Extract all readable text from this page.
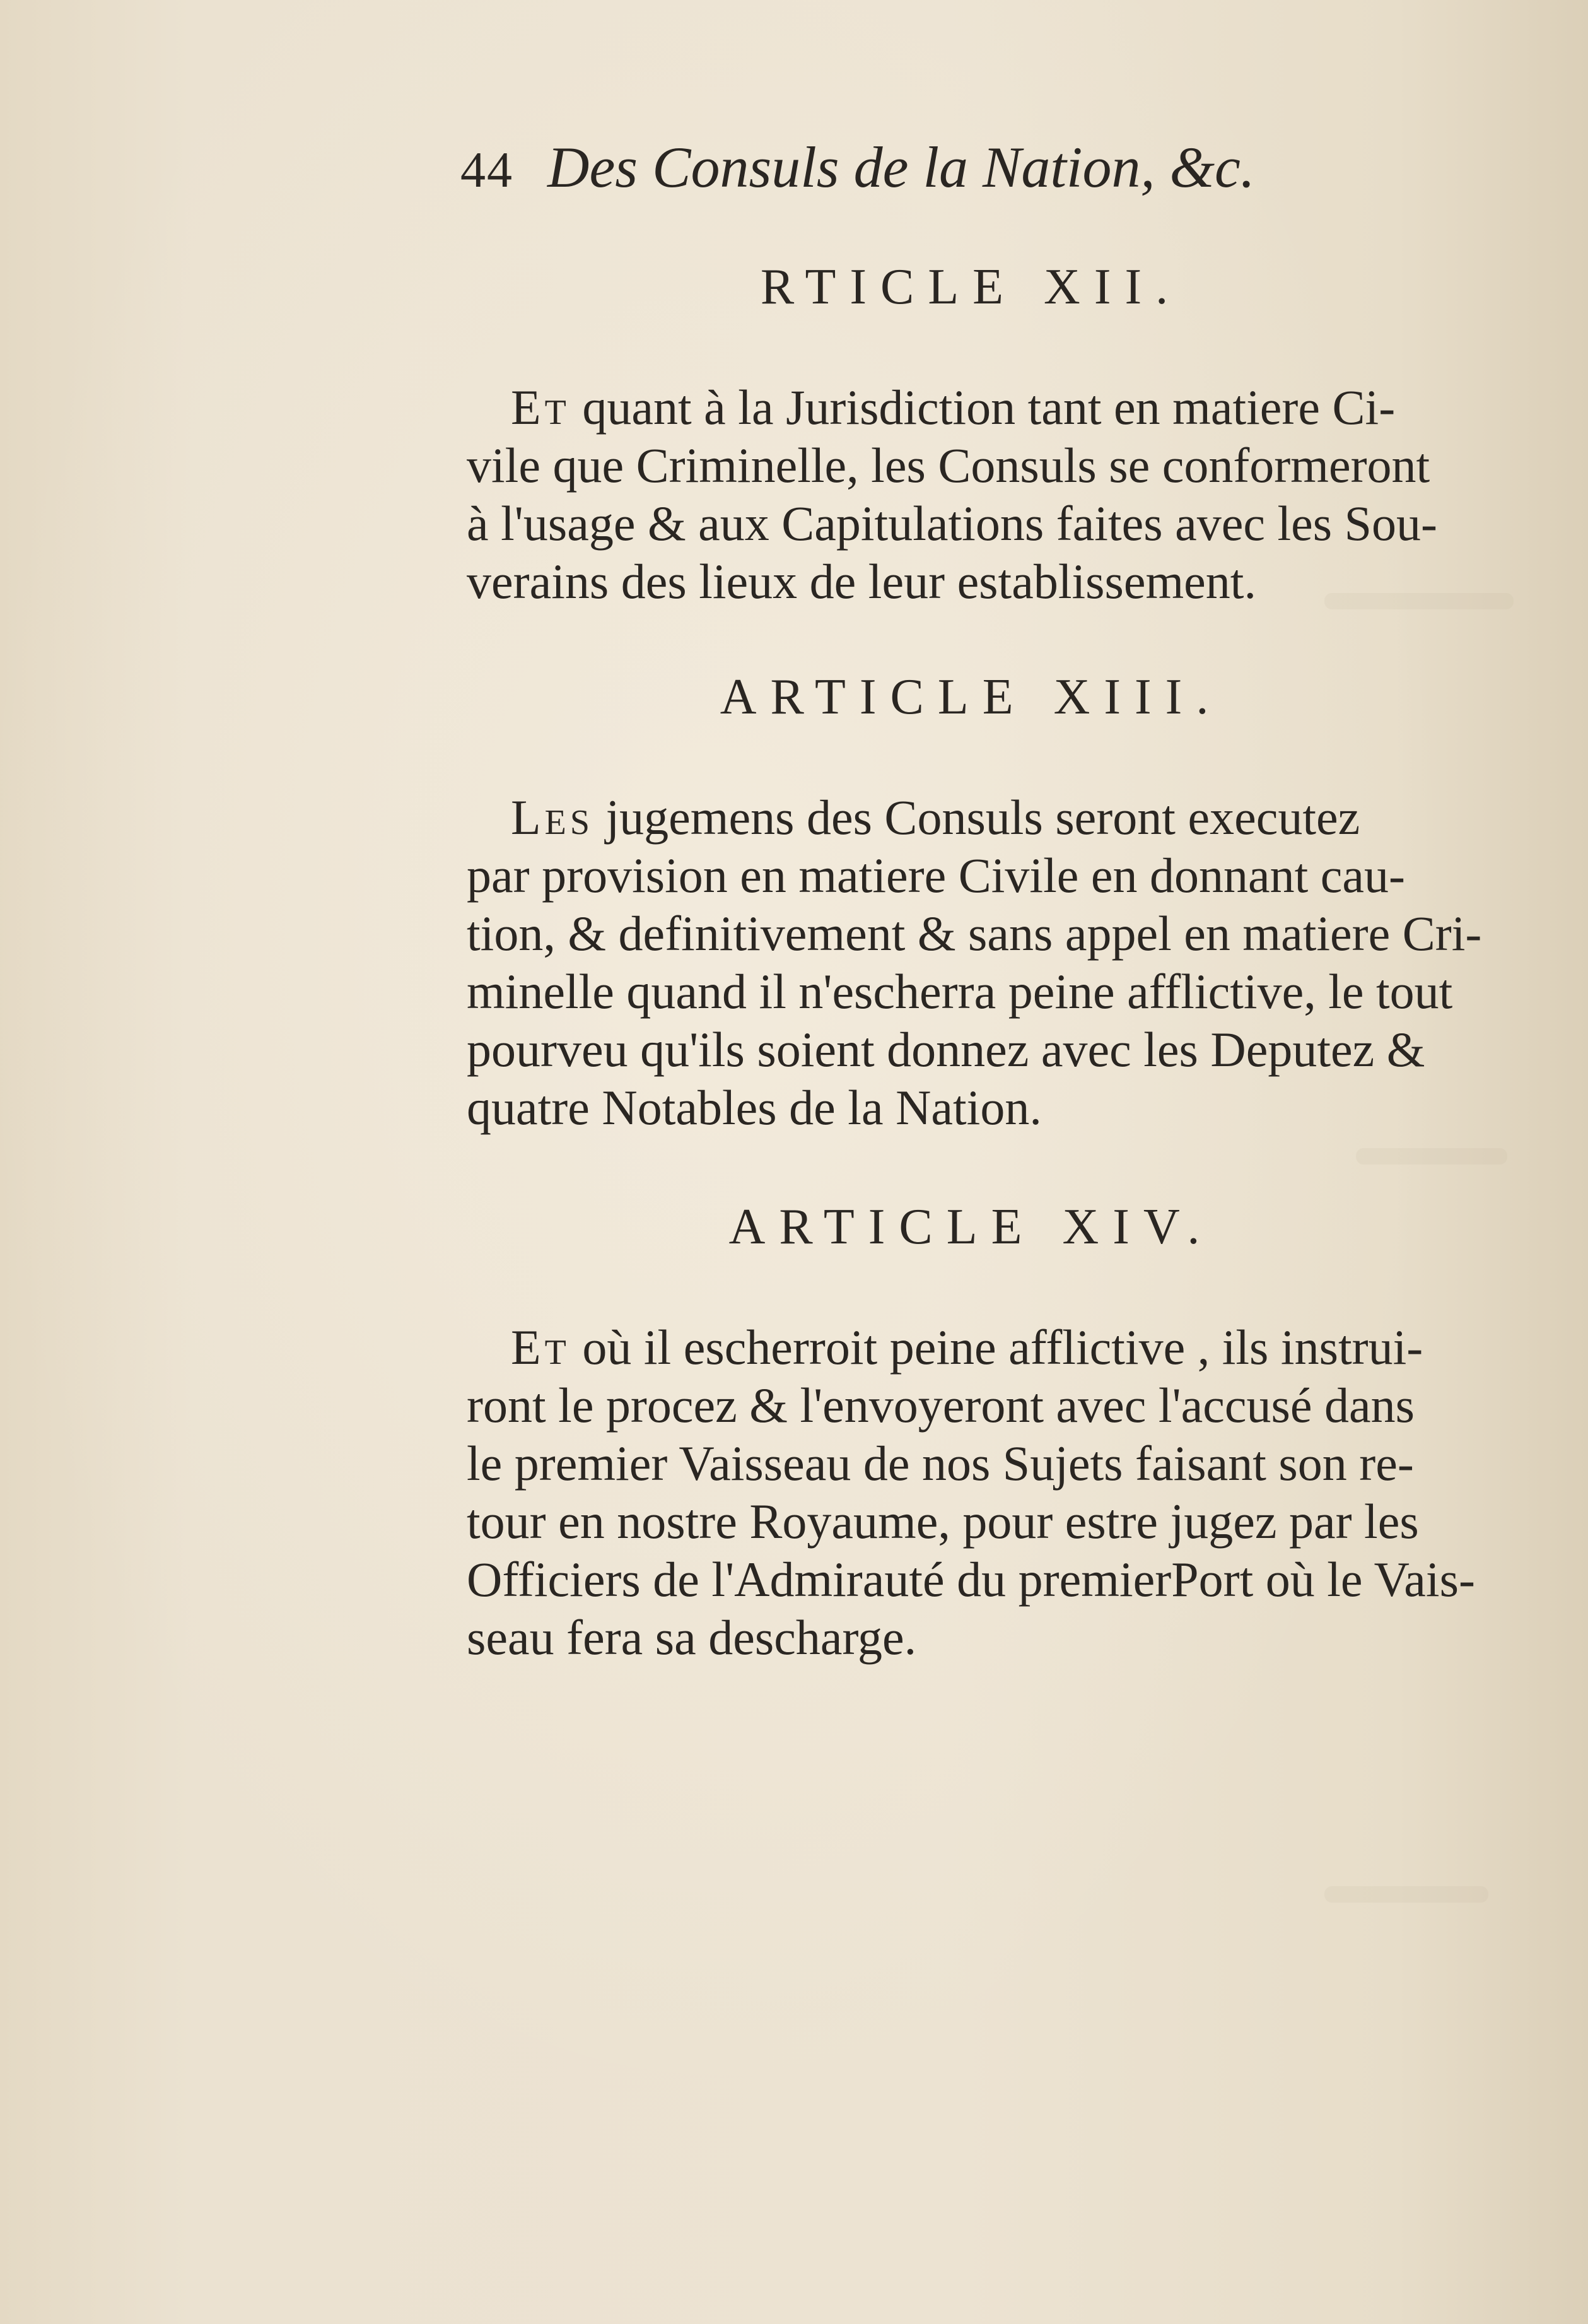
44 Des Consuls de la Nation, &c.
RTICLE XII.
ET quant à la Jurisdiction tant en matiere Ci-
vile que Criminelle, les Consuls se conformeront
à l'usage & aux Capitulations faites avec les Sou-
verains des lieux de leur establissement.
ARTICLE XIII.
LES jugemens des Consuls seront executez
par provision en matiere Civile en donnant cau-
tion, & definitivement & sans appel en matiere Cri-
minelle quand il n'escherra peine afflictive, le tout
pourveu qu'ils soient donnez avec les Deputez &
quatre Notables de la Nation.
ARTICLE XIV.
ET où il escherroit peine afflictive , ils instrui-
ront le procez & l'envoyeront avec l'accusé dans
le premier Vaisseau de nos Sujets faisant son re-
tour en nostre Royaume, pour estre jugez par les
Officiers de l'Admirauté du premierPort où le Vais-
seau fera sa descharge.
